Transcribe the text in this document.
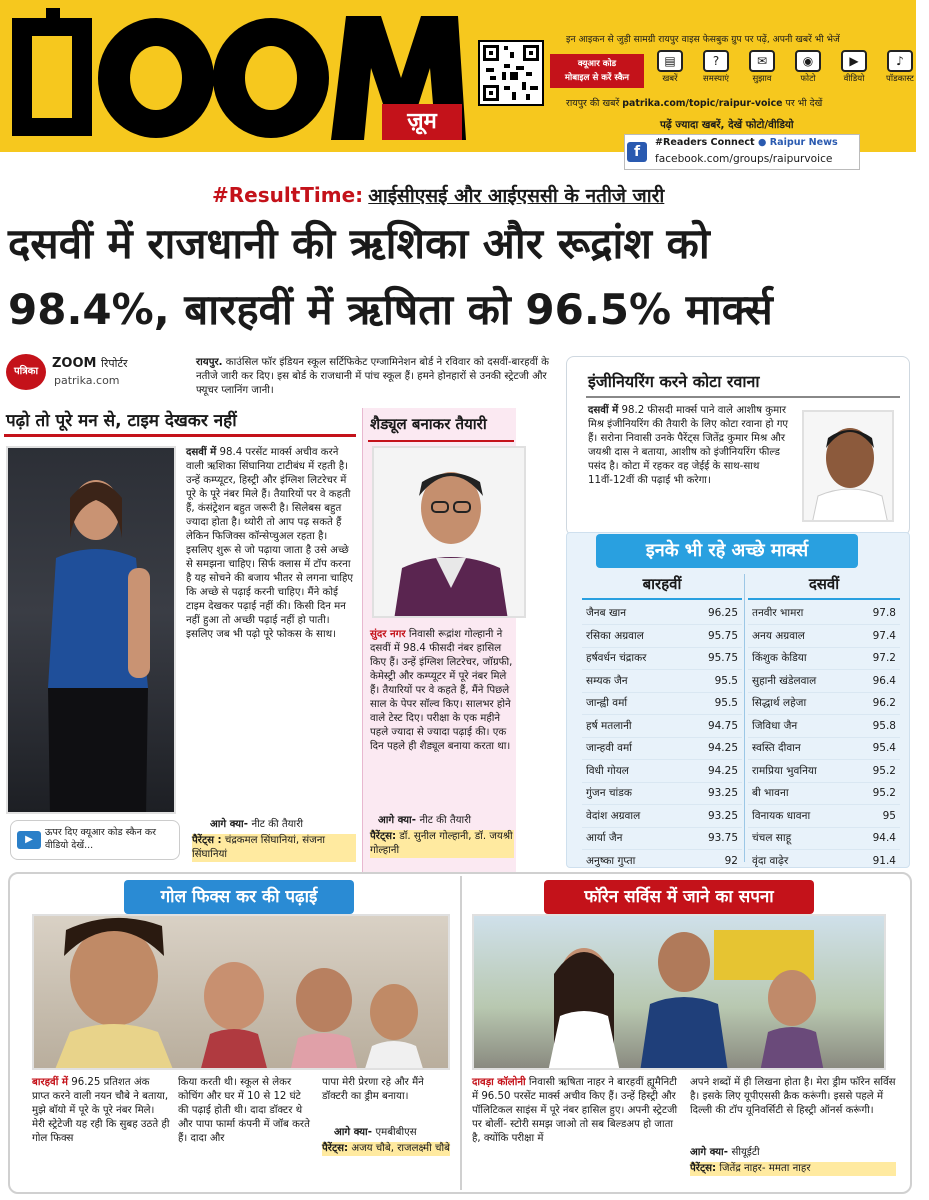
ज़ूम
इन आइकन से जुड़ी सामग्री रायपुर वाइस फेसबुक ग्रुप पर पढ़ें, अपनी खबरें भी भेजें
क्यूआर कोड
मोबाइल से करें स्कैन
▤
खबरें
?
समस्याएं
✉
सुझाव
◉
फोटो
▶
वीडियो
♪
पॉडकास्ट
रायपुर की खबरें patrika.com/topic/raipur-voice पर भी देखें
पढ़ें ज्यादा खबरें, देखें फोटो/वीडियो
f
#Readers Connect ● Raipur News
facebook.com/groups/raipurvoice
#ResultTime: आईसीएसई और आईएससी के नतीजे जारी
दसवीं में राजधानी की ऋशिका और रूद्रांश को
98.4%, बारहवीं में ऋषिता को 96.5% मार्क्स
पत्रिका
ZOOM रिपोर्टर
patrika.com
रायपुर. काउंसिल फॉर इंडियन स्कूल सर्टिफिकेट एग्जामिनेशन बोर्ड ने रविवार को दसवीं-बारहवीं के नतीजे जारी कर दिए। इस बोर्ड के राजधानी में पांच स्कूल हैं। हमने होनहारों से उनकी स्ट्रेटजी और फ्यूचर प्लानिंग जानी।
पढ़ो तो पूरे मन से, टाइम देखकर नहीं
दसवीं में 98.4 परसेंट मार्क्स अचीव करने वाली ऋशिका सिंघानिया टाटीबंध में रहती है। उन्हें कम्प्यूटर, हिस्ट्री और इंग्लिश लिटरेचर में पूरे के पूरे नंबर मिले हैं। तैयारियों पर वे कहती हैं, कंसंट्रेशन बहुत जरूरी है। सिलेबस बहुत ज्यादा होता है। थ्योरी तो आप पढ़ सकते हैं लेकिन फिजिक्स कॉन्सेप्चुअल रहता है। इसलिए शुरू से जो पढ़ाया जाता है उसे अच्छे से समझना चाहिए। सिर्फ क्लास में टॉप करना है यह सोचने की बजाय भीतर से लगना चाहिए कि अच्छे से पढ़ाई करनी चाहिए। मैंने कोई टाइम देखकर पढ़ाई नहीं की। किसी दिन मन नहीं हुआ तो अच्छी पढ़ाई नहीं हो पाती। इसलिए जब भी पढ़ो पूरे फोकस के साथ।
आगे क्या- नीट की तैयारी
पैरेंट्स : चंद्रकमल सिंघानियां, संजना सिंघानियां
▶
ऊपर दिए क्यूआर कोड स्कैन कर वीडियो देखें...
शैड्यूल बनाकर तैयारी
सुंदर नगर निवासी रूद्रांश गोल्हानी ने दसवीं में 98.4 फीसदी नंबर हासिल किए हैं। उन्हें इंग्लिश लिटरेचर, जॉग्रफी, केमेस्ट्री और कम्प्यूटर में पूरे नंबर मिले हैं। तैयारियों पर वे कहते हैं, मैंने पिछले साल के पेपर सॉल्व किए। सालभर होने वाले टेस्ट दिए। परीक्षा के एक महीने पहले ज्यादा से ज्यादा पढ़ाई की। एक दिन पहले ही शैड्यूल बनाया करता था।
आगे क्या- नीट की तैयारी
पैरेंट्स: डॉ. सुनील गोल्हानी, डॉ. जयश्री गोल्हानी
इंजीनियरिंग करने कोटा रवाना
दसवीं में 98.2 फीसदी मार्क्स पाने वाले आशीष कुमार मिश्र इंजीनियरिंग की तैयारी के लिए कोटा रवाना हो गए हैं। सरोना निवासी उनके पैरेंट्स जितेंद्र कुमार मिश्र और जयश्री दास ने बताया, आशीष को इंजीनियरिंग फील्ड पसंद है। कोटा में रहकर वह जेईई के साथ-साथ 11वीं-12वीं की पढ़ाई भी करेगा।
इनके भी रहे अच्छे मार्क्स
बारहवीं
जैनब खान	96.25
रसिका अग्रवाल	95.75
हर्षवर्धन चंद्राकर	95.75
सम्यक जैन	95.5
जान्ह्वी वर्मा	95.5
हर्ष मतलानी	94.75
जान्हवी वर्मा	94.25
विधी गोयल	94.25
गुंजन चांडक	93.25
वेदांश अग्रवाल	93.25
आर्या जैन	93.75
अनुष्का गुप्ता	92
दसवीं
तनवीर भामरा	97.8
अनय अग्रवाल	97.4
किंशुक केडिया	97.2
सुहानी खंडेलवाल	96.4
सिद्धार्थ लहेजा	96.2
जिविधा जैन	95.8
स्वस्ति दीवान	95.4
रामप्रिया भुवनिया	95.2
बी भावना	95.2
विनायक धावना	95
चंचल साहू	94.4
वृंदा वाढ़ेर	91.4
गोल फिक्स कर की पढ़ाई
बारहवीं में 96.25 प्रतिशत अंक प्राप्त करने वाली नयन चौबे ने बताया, मुझे बॉयो में पूरे के पूरे नंबर मिले। मेरी स्ट्रेटेजी यह रही कि सुबह उठते ही गोल फिक्स
किया करती थी। स्कूल से लेकर कोचिंग और घर में 10 से 12 घंटे की पढ़ाई होती थी। दादा डॉक्टर थे और पापा फार्मा कंपनी में जॉब करते हैं। दादा और
पापा मेरी प्रेरणा रहे और मैंने डॉक्टरी का ड्रीम बनाया।
आगे क्या- एमबीबीएस
पैरेंट्स: अजय चौबे, राजलक्ष्मी चौबे
फॉरेन सर्विस में जाने का सपना
दावड़ा कॉलोनी निवासी ऋषिता नाहर ने बारहवीं ह्यूमैनिटी में 96.50 परसेंट मार्क्स अचीव किए हैं। उन्हें हिस्ट्री और पॉलिटिकल साइंस में पूरे नंबर हासिल हुए। अपनी स्ट्रेटजी पर बोलीं- स्टोरी समझ जाओ तो सब बिल्डअप हो जाता है, क्योंकि परीक्षा में
अपने शब्दों में ही लिखना होता है। मेरा ड्रीम फॉरेन सर्विस है। इसके लिए यूपीएससी क्रैक करूंगी। इससे पहले में दिल्ली की टॉप यूनिवर्सिटी से हिस्ट्री ऑनर्स करूंगी।
आगे क्या- सीयूईटी
पैरेंट्स: जितेंद्र नाहर- ममता नाहर
